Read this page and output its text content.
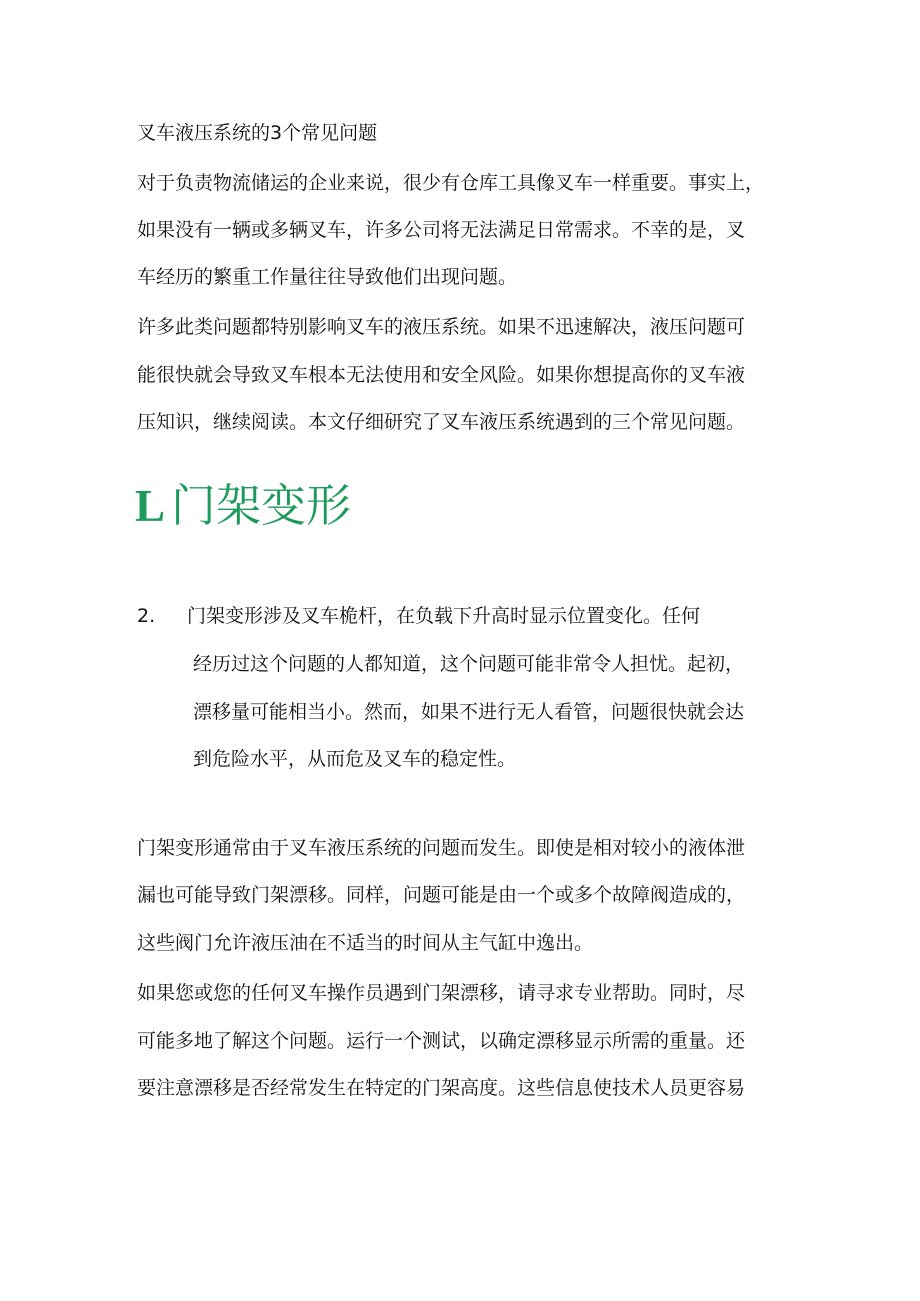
叉车液压系统的3个常见问题
对于负责物流储运的企业来说，很少有仓库工具像叉车一样重要。事实上，
如果没有一辆或多辆叉车，许多公司将无法满足日常需求。不幸的是，叉
车经历的繁重工作量往往导致他们出现问题。
许多此类问题都特别影响叉车的液压系统。如果不迅速解决，液压问题可
能很快就会导致叉车根本无法使用和安全风险。如果你想提高你的叉车液
压知识，继续阅读。本文仔细研究了叉车液压系统遇到的三个常见问题。
L 门架变形
2. 门架变形涉及叉车桅杆，在负载下升高时显示位置变化。任何
经历过这个问题的人都知道，这个问题可能非常令人担忧。起初，
漂移量可能相当小。然而，如果不进行无人看管，问题很快就会达
到危险水平，从而危及叉车的稳定性。
门架变形通常由于叉车液压系统的问题而发生。即使是相对较小的液体泄
漏也可能导致门架漂移。同样，问题可能是由一个或多个故障阀造成的，
这些阀门允许液压油在不适当的时间从主气缸中逸出。
如果您或您的任何叉车操作员遇到门架漂移，请寻求专业帮助。同时，尽
可能多地了解这个问题。运行一个测试，以确定漂移显示所需的重量。还
要注意漂移是否经常发生在特定的门架高度。这些信息使技术人员更容易
